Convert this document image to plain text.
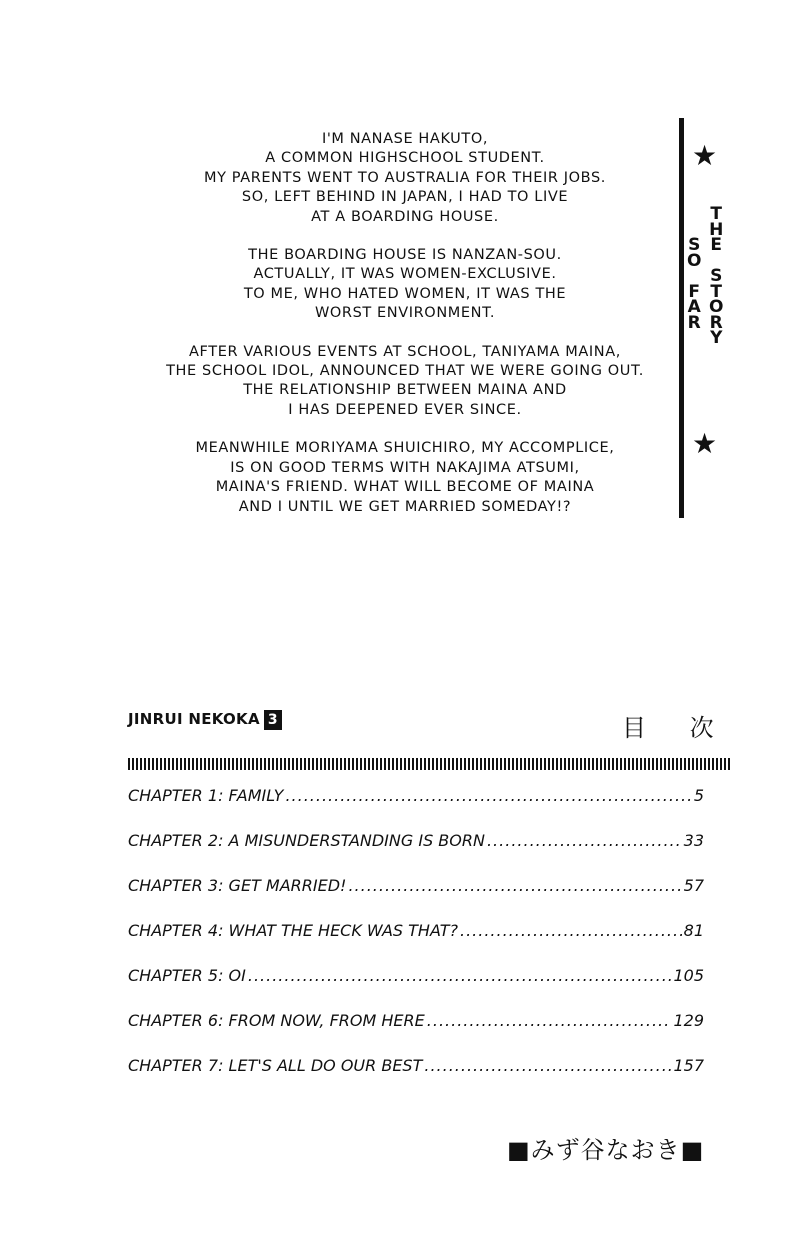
I'M NANASE HAKUTO,
A COMMON HIGHSCHOOL STUDENT.
MY PARENTS WENT TO AUSTRALIA FOR THEIR JOBS.
SO, LEFT BEHIND IN JAPAN, I HAD TO LIVE
AT A BOARDING HOUSE.

THE BOARDING HOUSE IS NANZAN-SOU.
ACTUALLY, IT WAS WOMEN-EXCLUSIVE.
TO ME, WHO HATED WOMEN, IT WAS THE
WORST ENVIRONMENT.

AFTER VARIOUS EVENTS AT SCHOOL, TANIYAMA MAINA,
THE SCHOOL IDOL, ANNOUNCED THAT WE WERE GOING OUT.
THE RELATIONSHIP BETWEEN MAINA AND
I HAS DEEPENED EVER SINCE.

MEANWHILE MORIYAMA SHUICHIRO, MY ACCOMPLICE,
IS ON GOOD TERMS WITH NAKAJIMA ATSUMI,
MAINA'S FRIEND. WHAT WILL BECOME OF MAINA
AND I UNTIL WE GET MARRIED SOMEDAY!?

★
★
T
H
E
S
T
O
R
Y
S
O
F
A
R
JINRUI NEKOKA 3	目 次
CHAPTER 1: FAMILY .....	5
CHAPTER 2: A MISUNDERSTANDING IS BORN .....	33
CHAPTER 3: GET MARRIED! .....	57
CHAPTER 4: WHAT THE HECK WAS THAT? .....	81
CHAPTER 5: OI .....	105
CHAPTER 6: FROM NOW, FROM HERE .....	129
CHAPTER 7: LET'S ALL DO OUR BEST .....	157
■みず谷なおき■
